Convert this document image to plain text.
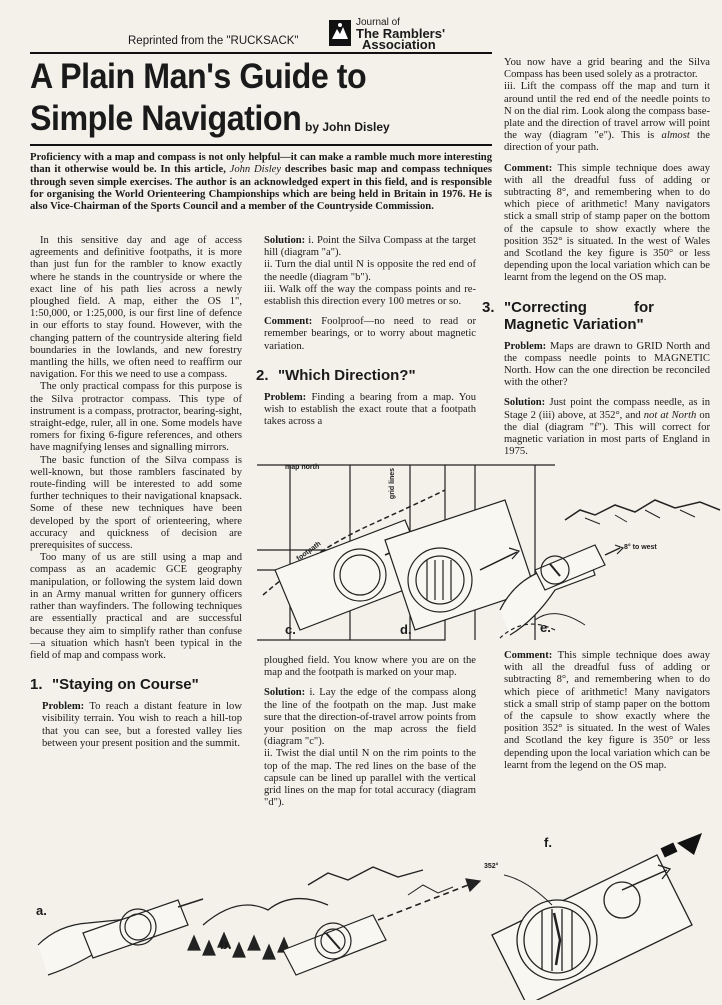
Reprinted from the "RUCKSACK"
Journal of
The Ramblers'
Association
A Plain Man's Guide to
Simple Navigation by John Disley
Proficiency with a map and compass is not only helpful—it can make a ramble much more interesting than it otherwise would be. In this article, John Disley describes basic map and compass techniques through seven simple exercises. The author is an acknowledged expert in this field, and is responsible for organising the World Orienteering Championships which are being held in Britain in 1976. He is also Vice-Chairman of the Sports Council and a member of the Countryside Commission.

In this sensitive day and age of access agreements and definitive footpaths, it is more than just fun for the rambler to know exactly where he stands in the countryside or where the exact line of his path lies across a newly ploughed field. A map, either the OS 1", 1:50,000, or 1:25,000, is our first line of defence in our efforts to stay found. However, with the changing pattern of the countryside altering field boundaries in the lowlands, and new forestry mantling the hills, we often need to reaffirm our navigation. For this we need to use a compass.

The only practical compass for this purpose is the Silva protractor compass. This type of instrument is a compass, protractor, bearing-sight, straight-edge, ruler, all in one. Some models have romers for fixing 6-figure references, and others have magnifying lenses and signalling mirrors.

The basic function of the Silva compass is well-known, but those ramblers fascinated by route-finding will be interested to add some further techniques to their navigational knapsack. Some of these new techniques have been developed by the sport of orienteering, where accuracy and quickness of decision are prerequisites of success.

Too many of us are still using a map and compass as an academic GCE geography manipulation, or following the system laid down in an Army manual written for gunnery officers rather than wayfinders. The following techniques are essentially practical and are successful because they aim to simplify rather than confuse—a situation which hasn't been typical in the field of map and compass work.

1. "Staying on Course"

Problem: To reach a distant feature in low visibility terrain. You wish to reach a hill-top that you can see, but a forested valley lies between your present position and the summit.

Solution: i. Point the Silva Compass at the target hill (diagram "a").

ii. Turn the dial until N is opposite the red end of the needle (diagram "b").

iii. Walk off the way the compass points and re-establish this direction every 100 metres or so.

Comment: Foolproof—no need to read or remember bearings, or to worry about magnetic variation.

2. "Which Direction?"

Problem: Finding a bearing from a map. You wish to establish the exact route that a footpath takes across a

You now have a grid bearing and the Silva Compass has been used solely as a protractor.

iii. Lift the compass off the map and turn it around until the red end of the needle points to N on the dial rim. Look along the compass base-plate and the direction of travel arrow will point the way (diagram "e"). This is almost the direction of your path.

Comment: This simple technique does away with all the dreadful fuss of adding or subtracting 8°, and remembering when to do which piece of arithmetic! Many navigators stick a small strip of stamp paper on the bottom of the capsule to show exactly where the position 352° is situated. In the west of Wales and Scotland the key figure is 350° or less depending upon the local variation which can be learnt from the legend on the OS map.

3. "Correcting for Magnetic Variation"

Problem: Maps are drawn to GRID North and the compass needle points to MAGNETIC North. How can the one direction be reconciled with the other?

Solution: Just point the compass needle, as in Stage 2 (iii) above, at 352°, and not at North on the dial (diagram "f"). This will correct for magnetic variation in most parts of England in 1975.

map north
grid lines
footpath	8° to west
c.	d.	e.

ploughed field. You know where you are on the map and the footpath is marked on your map.

Solution: i. Lay the edge of the compass along the line of the footpath on the map. Just make sure that the direction-of-travel arrow points from your position on the map across the field (diagram "c").

ii. Twist the dial until N on the rim points to the top of the map. The red lines on the base of the capsule can be lined up parallel with the vertical grid lines on the map for total accuracy (diagram "d").

Comment: This simple technique does away with all the dreadful fuss of adding or subtracting 8°, and remembering when to do which piece of arithmetic! Many navigators stick a small strip of stamp paper on the bottom of the capsule to show exactly where the position 352° is situated. In the west of Wales and Scotland the key figure is 350° or less depending upon the local variation which can be learnt from the legend on the OS map.

a.
b.
f.
352°
